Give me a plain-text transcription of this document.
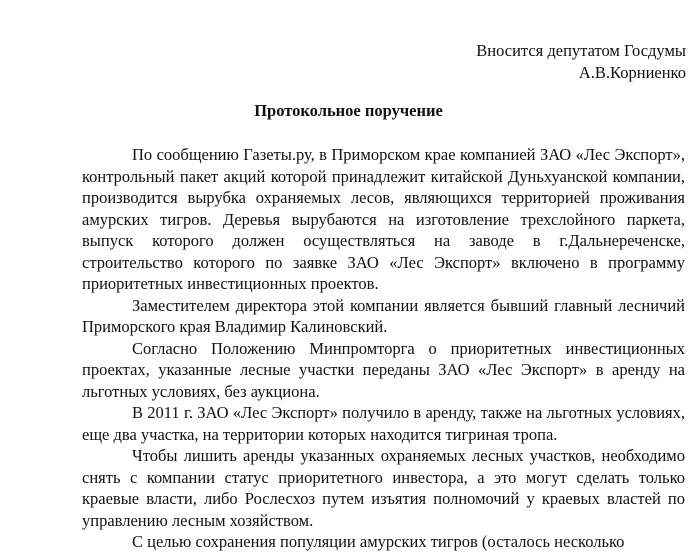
Вносится депутатом Госдумы
А.В.Корниенко
Протокольное поручение

По сообщению Газеты.ру, в Приморском крае компанией ЗАО «Лес Экспорт», контрольный пакет акций которой принадлежит китайской Дуньхуанской компании, производится вырубка охраняемых лесов, являющихся территорией проживания амурских тигров. Деревья вырубаются на изготовление трехслойного паркета, выпуск которого должен осуществляться на заводе в г.Дальнереченске, строительство которого по заявке ЗАО «Лес Экспорт» включено в программу приоритетных инвестиционных проектов.

Заместителем директора этой компании является бывший главный лесничий Приморского края Владимир Калиновский.

Согласно Положению Минпромторга о приоритетных инвестиционных проектах, указанные лесные участки переданы ЗАО «Лес Экспорт» в аренду на льготных условиях, без аукциона.

В 2011 г. ЗАО «Лес Экспорт» получило в аренду, также на льготных условиях, еще два участка, на территории которых находится тигриная тропа.

Чтобы лишить аренды указанных охраняемых лесных участков, необходимо снять с компании статус приоритетного инвестора, а это могут сделать только краевые власти, либо Рослесхоз путем изъятия полномочий у краевых властей по управлению лесным хозяйством.

С целью сохранения популяции амурских тигров (осталось несколько
